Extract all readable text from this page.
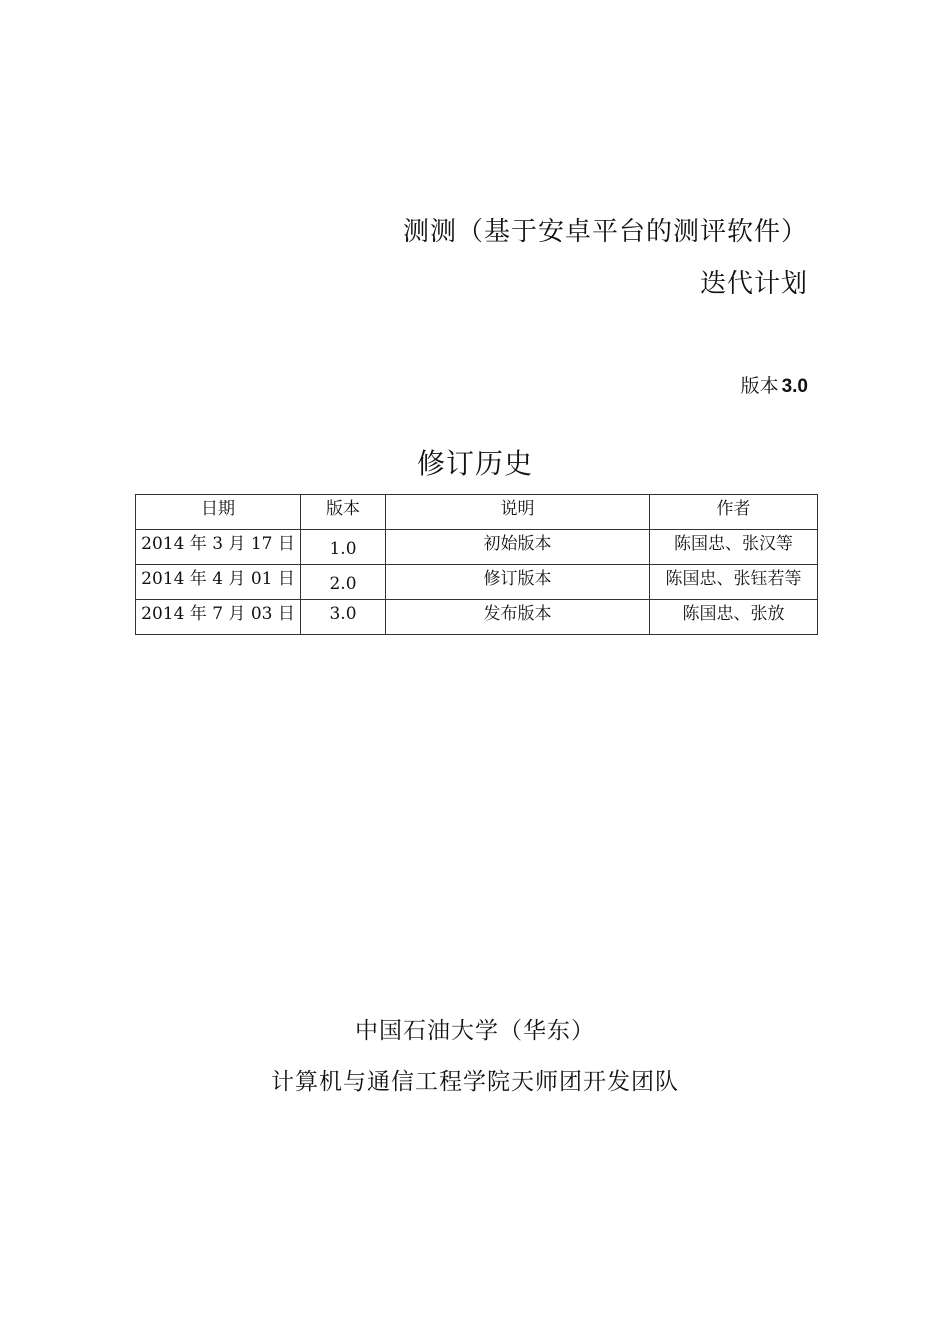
测测（基于安卓平台的测评软件）
迭代计划
版本 3.0
修订历史
日期	版本	说明	作者
2014 年 3 月 17 日	1.0	初始版本	陈国忠、张汉等
2014 年 4 月 01 日	2.0	修订版本	陈国忠、张钰若等
2014 年 7 月 03 日	3.0	发布版本	陈国忠、张放
中国石油大学（华东）
计算机与通信工程学院天师团开发团队
